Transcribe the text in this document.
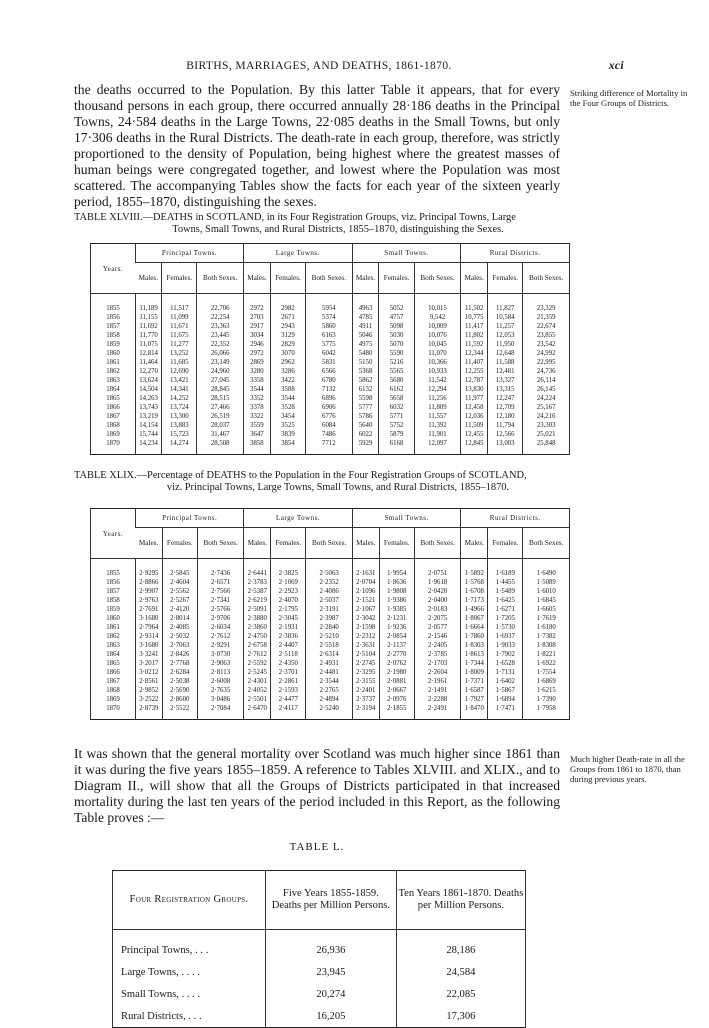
BIRTHS, MARRIAGES, AND DEATHS, 1861-1870.	xci
the deaths occurred to the Population. By this latter Table it appears, that for every thousand persons in each group, there occurred annually 28·186 deaths in the Principal Towns, 24·584 deaths in the Large Towns, 22·085 deaths in the Small Towns, but only 17·306 deaths in the Rural Districts. The death-rate in each group, therefore, was strictly proportioned to the density of Population, being highest where the greatest masses of human beings were congregated together, and lowest where the Population was most scattered. The accompanying Tables show the facts for each year of the sixteen yearly period, 1855–1870, distinguishing the sexes.
Striking difference of Mortality in the Four Groups of Districts.
TABLE XLVIII.—DEATHS in SCOTLAND, in its Four Registration Groups, viz. Principal Towns, Large
Towns, Small Towns, and Rural Districts, 1855–1870, distinguishing the Sexes.
Years.	Principal Towns.			Large Towns.			Small Towns.			Rural Districts.		
	Males.	Females.	Both Sexes.	Males.	Females.	Both Sexes.	Males.	Females.	Both Sexes.	Males.	Females.	Both Sexes.
1855	11,189	11,517	22,706	2972	2982	5954	4963	5052	10,015	11,502	11,827	23,329
1856	11,155	11,099	22,254	2703	2671	5374	4785	4757	9,542	10,775	10,584	21,359
1857	11,692	11,671	23,363	2917	2943	5860	4911	5098	10,009	11,417	11,257	22,674
1858	11,770	11,675	23,445	3034	3129	6163	5046	5030	10,076	11,802	12,053	23,855
1859	11,075	11,277	22,352	2946	2829	5775	4975	5070	10,045	11,592	11,950	23,542
1860	12,814	13,252	26,066	2972	3070	6042	5480	5590	11,070	12,344	12,648	24,992
1861	11,464	11,685	23,149	2869	2962	5831	5150	5216	10,366	11,407	11,588	22,995
1862	12,270	12,690	24,960	3280	3286	6566	5368	5565	10,933	12,255	12,481	24,736
1863	13,624	13,421	27,045	3358	3422	6780	5862	5680	11,542	12,787	13,327	26,114
1864	14,504	14,341	28,845	3544	3588	7132	6132	6162	12,294	13,830	13,315	26,145
1865	14,263	14,252	28,515	3352	3544	6896	5598	5658	11,256	11,977	12,247	24,224
1866	13,743	13,724	27,466	3378	3528	6906	5777	6032	11,809	12,458	12,709	25,167
1867	13,219	13,300	26,519	3322	3454	6776	5786	5771	11,557	12,036	12,180	24,216
1868	14,154	13,883	28,037	3559	3525	6084	5640	5752	11,392	11,509	11,794	23,303
1869	15,744	15,723	31,467	3647	3839	7486	6022	5879	11,901	12,455	12,566	25,021
1870	14,234	14,274	28,508	3858	3854	7712	5929	6168	12,097	12,845	13,003	25,848
TABLE XLIX.—Percentage of DEATHS to the Population in the Four Registration Groups of SCOTLAND,
viz. Principal Towns, Large Towns, Small Towns, and Rural Districts, 1855–1870.
Years.	Principal Towns.			Large Towns.			Small Towns.			Rural Districts.		
	Males.	Females.	Both Sexes.	Males.	Females.	Both Sexes.	Males.	Females.	Both Sexes.	Males.	Females.	Both Sexes.
1855	2·9295	2·5845	2·7436	2·6441	2·3825	2·5063	2·1631	1·9954	2·0751	1·5892	1·6189	1·6490
1856	2·8866	2·4604	2·6571	2·3783	2·1069	2·2352	2·0704	1·8636	1·9618	1·5768	1·4455	1·5089
1857	2·9907	2·5562	2·7566	2·5387	2·2923	2·4086	2·1096	1·9808	2·0420	1·6708	1·5489	1·6010
1858	2·9763	2·5267	2·7341	2·6219	2·4070	2·5037	2·1521	1·9386	2·0400	1·7173	1·6425	1·6845
1859	2·7691	2·4120	2·5766	2·5091	2·1795	2·3191	2·1067	1·9385	2·0183	1·4966	1·6271	1·6605
1860	3·1680	2·8014	2·9706	2·3880	2·3045	2·3987	2·3042	2·1231	2·2075	1·8067	1·7205	1·7619
1861	2·7964	2·4085	2·6034	2·3860	2·1931	2·2840	2·1598	1·9236	2·0577	1·6664	1·5730	1·6180
1862	2·9314	2·5032	2·7612	2·4750	2·3836	2·5210	2·2312	2·0854	2·1546	1·7860	1·6937	1·7382
1863	3·1680	2·7063	2·9291	2·6758	2·4407	2·5518	2·3631	2·1137	2·2405	1·8303	1·9033	1·8308
1864	3·3241	2·8426	3·0730	2·7612	2·5118	2·6314	2·5104	2·2770	2·3785	1·8613	1·7902	1·8221
1865	3·2017	2·7768	2·9063	2·5592	2·4350	2·4931	2·2745	2·0762	2·1703	1·7344	1·6528	1·6922
1866	3·0212	2·6284	2·8113	2·5245	2·3701	2·4481	2·3295	2·1980	2·2604	1·8009	1·7131	1·7554
1867	2·8561	2·5038	2·6008	2·4301	2·2861	2·3544	2·3155	2·0881	2·1961	1·7371	1·6402	1·6869
1868	2·9852	2·5690	2·7635	2·4052	2·1593	2·2765	2·2401	2·0667	2·1491	1·6587	1·5867	1·6215
1869	3·2522	2·8600	3·0486	2·5501	2·4477	2·4894	2·3737	2·0976	2·2288	1·7927	1·6894	1·7390
1870	2·8739	2·5522	2·7084	2·6470	2·4117	2·5240	2·3194	2·1855	2·2491	1·8470	1·7471	1·7958
It was shown that the general mortality over Scotland was much higher since 1861 than it was during the five years 1855–1859. A reference to Tables XLVIII. and XLIX., and to Diagram II., will show that all the Groups of Districts participated in that increased mortality during the last ten years of the period included in this Report, as the following Table proves :—
Much higher Death-rate in all the Groups from 1861 to 1870, than during previous years.
TABLE L.
Four Registration Groups.	Five Years 1855-1859. Deaths per Million Persons.	Ten Years 1861-1870. Deaths per Million Persons.
Principal Towns, . . .	26,936	28,186
Large Towns, . . . .	23,945	24,584
Small Towns, . . . .	20,274	22,085
Rural Districts, . . .	16,205	17,306
